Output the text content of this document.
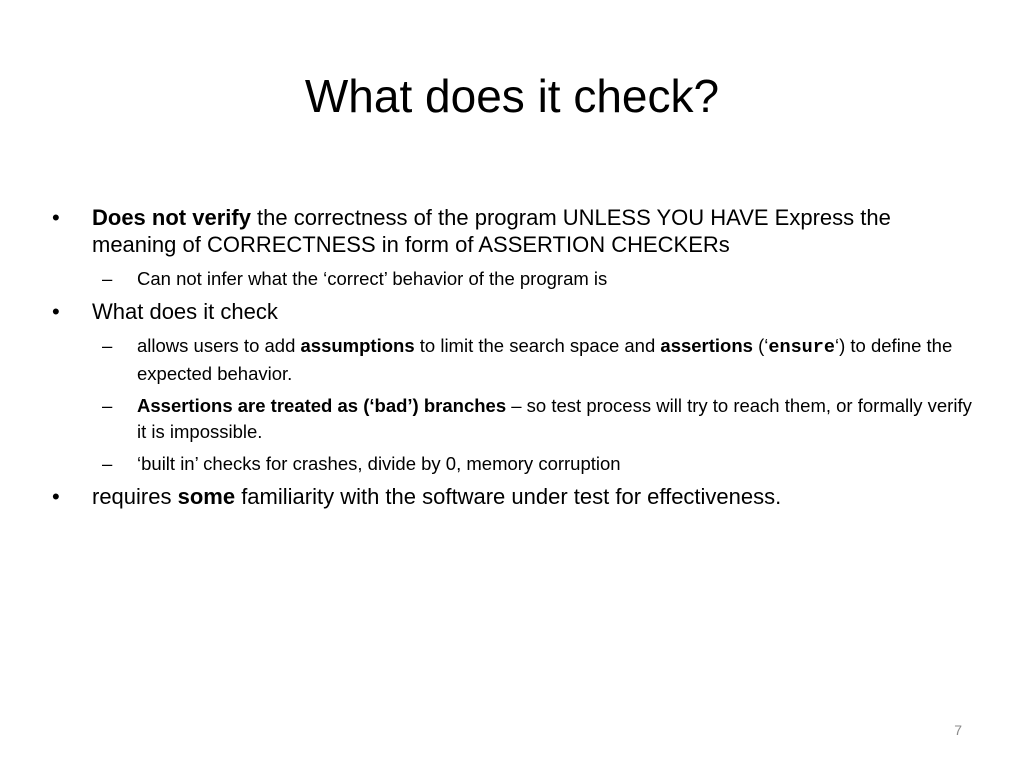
What does it check?
•	Does not verify the correctness of the program UNLESS YOU HAVE Express the meaning of CORRECTNESS in form of ASSERTION CHECKERs
– Can not infer what the ‘correct’ behavior of the program is
•	What does it check
– allows users to add assumptions to limit the search space and assertions (‘ensure‘) to define the expected behavior.
– Assertions are treated as (‘bad’) branches – so test process will try to reach them, or formally verify it is impossible.
– ‘built in’ checks for crashes, divide by 0, memory corruption
•	requires some familiarity with the software under test for effectiveness.
7
